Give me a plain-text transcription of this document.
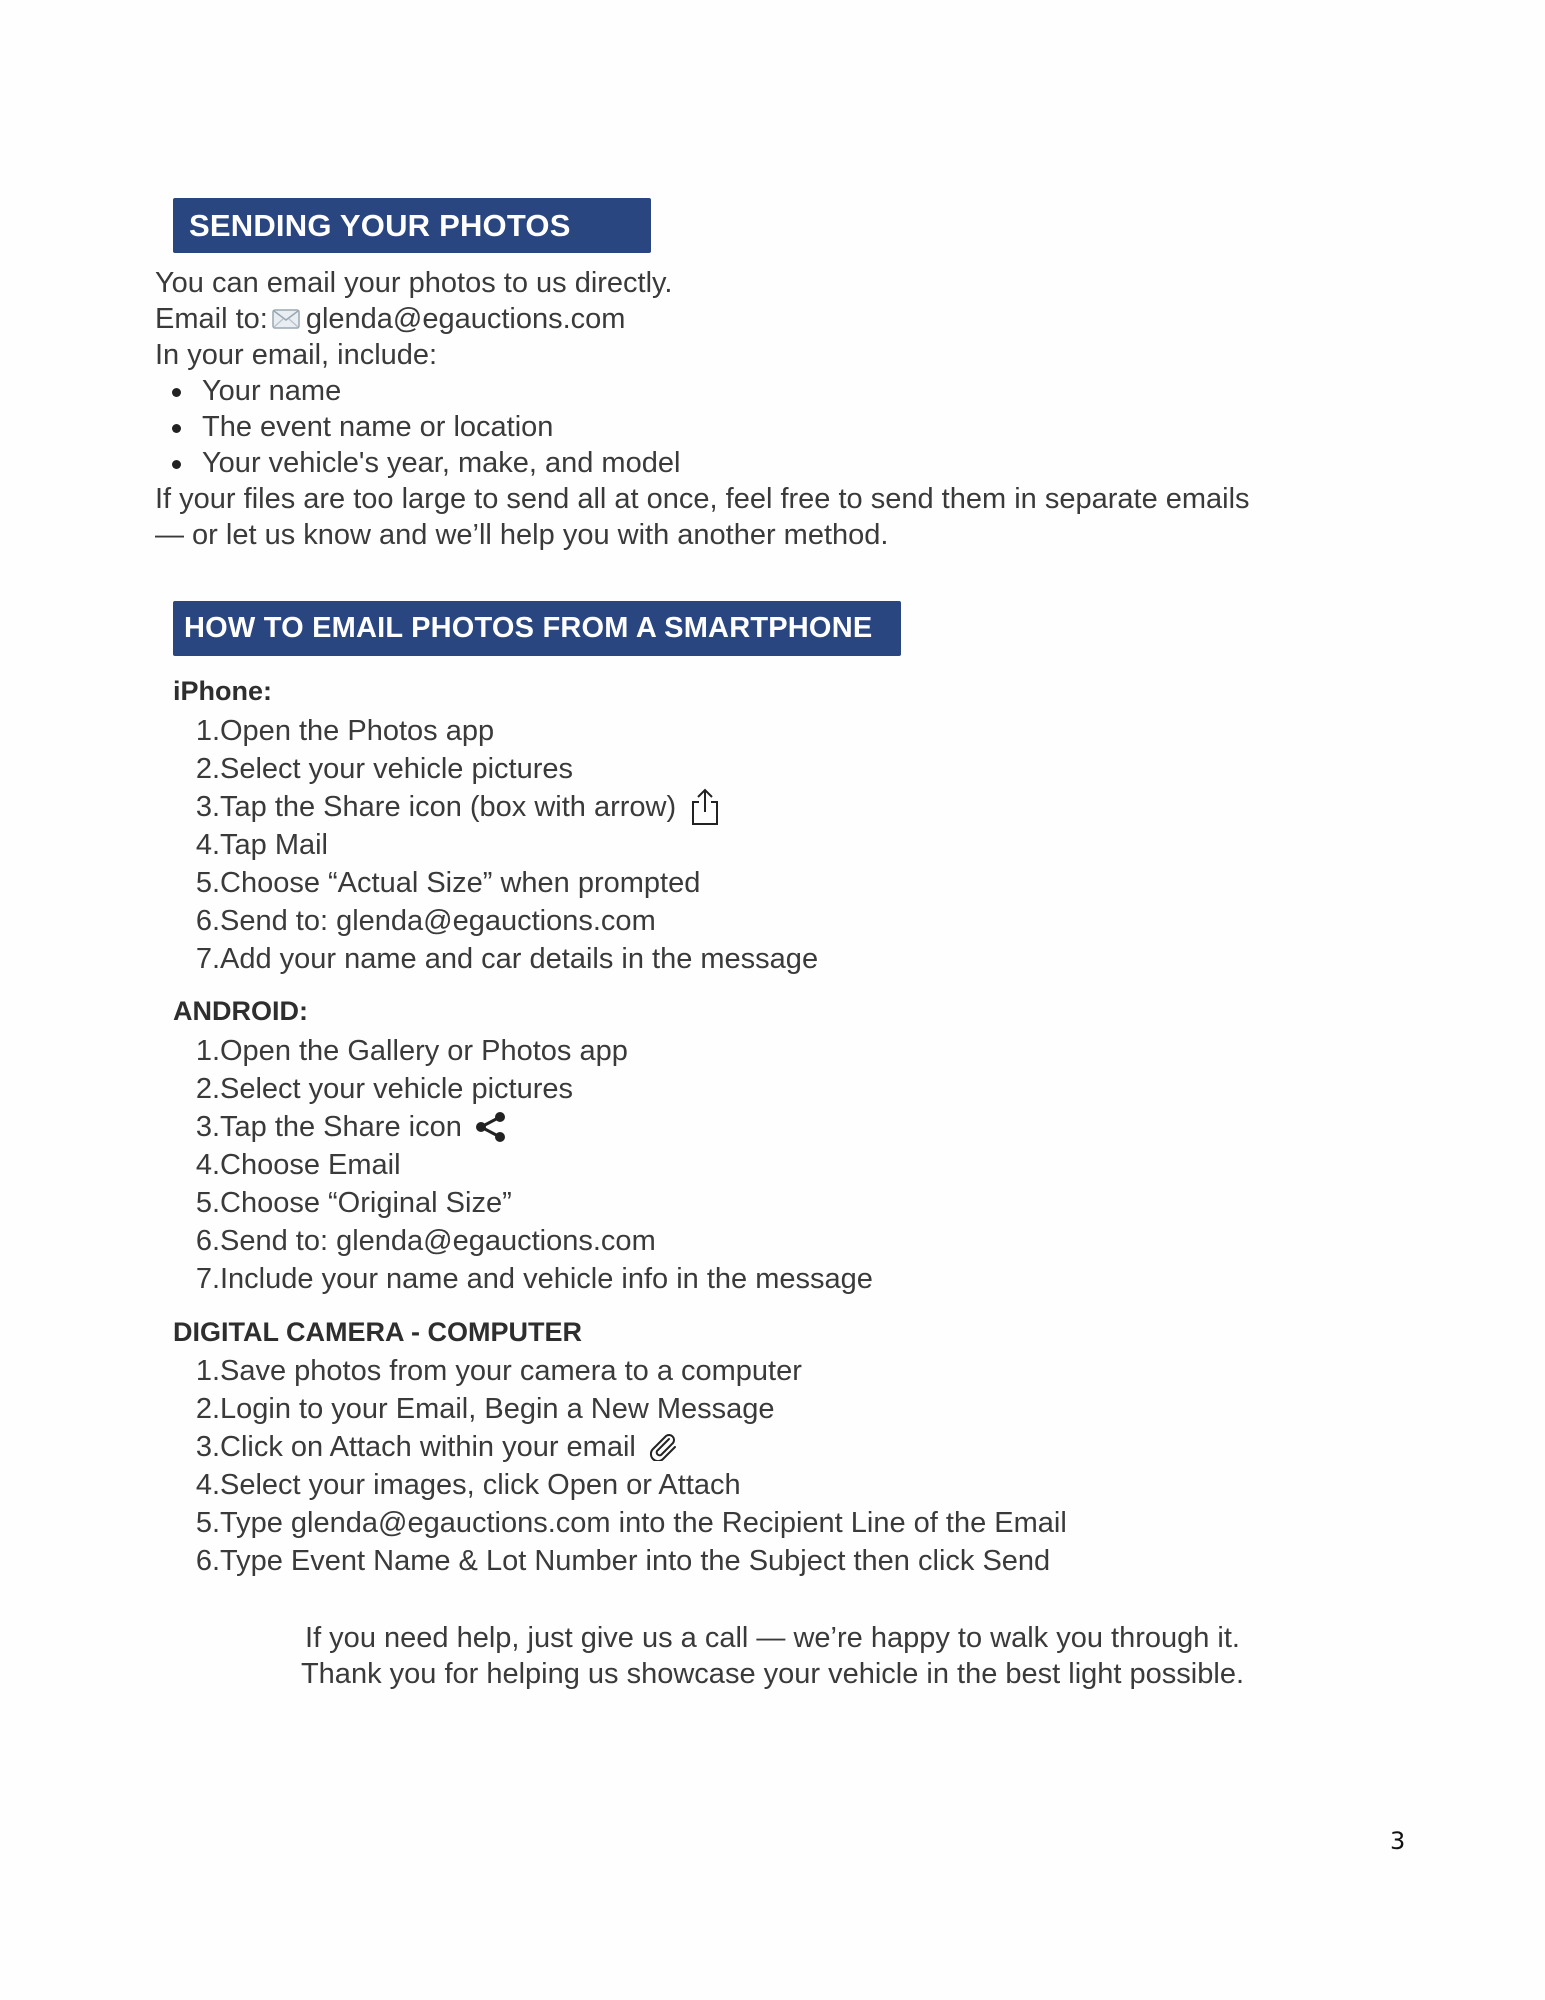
SENDING YOUR PHOTOS

You can email your photos to us directly.

Email to: glenda@egauctions.com

In your email, include:

Your name
The event name or location
Your vehicle's year, make, and model

If your files are too large to send all at once, feel free to send them in separate emails

— or let us know and we’ll help you with another method.

HOW TO EMAIL PHOTOS FROM A SMARTPHONE
iPhone:
1. Open the Photos app
2. Select your vehicle pictures
3. Tap the Share icon (box with arrow)
4. Tap Mail
5. Choose “Actual Size” when prompted
6. Send to: glenda@egauctions.com
7. Add your name and car details in the message
ANDROID:
1. Open the Gallery or Photos app
2. Select your vehicle pictures
3. Tap the Share icon
4. Choose Email
5. Choose “Original Size”
6. Send to: glenda@egauctions.com
7. Include your name and vehicle info in the message
DIGITAL CAMERA - COMPUTER
1. Save photos from your camera to a computer
2. Login to your Email, Begin a New Message
3. Click on Attach within your email
4. Select your images, click Open or Attach
5. Type glenda@egauctions.com into the Recipient Line of the Email
6. Type Event Name & Lot Number into the Subject then click Send
If you need help, just give us a call — we’re happy to walk you through it.
Thank you for helping us showcase your vehicle in the best light possible.
3
